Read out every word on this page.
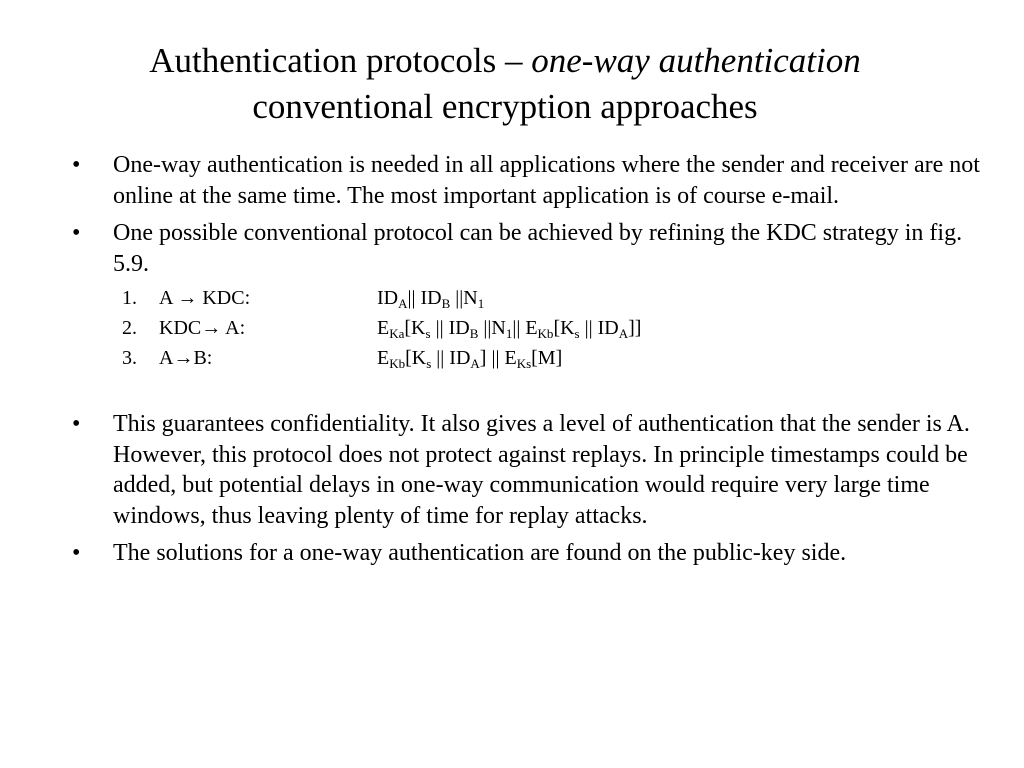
Authentication protocols – one-way authentication
conventional encryption approaches
• One-way authentication is needed in all applications where the sender and receiver are not online at the same time. The most important application is of course e-mail.
• One possible conventional protocol can be achieved by refining the KDC strategy in fig. 5.9.
1. A → KDC:	$ID_A||$ $ID_B$ $||N_1$
2. KDC→ A:	$E_{Ka}[K_s$ || $ID_B$ $||N_1||$ $E_{Kb}[K_s$ || $ID_A$]]
3. A→B:	$E_{Kb}[K_s$ || $ID_A$] || $E_{Ks}[M]$
• This guarantees confidentiality. It also gives a level of authentication that the sender is A. However, this protocol does not protect against replays. In principle timestamps could be added, but potential delays in one-way communication would require very large time windows, thus leaving plenty of time for replay attacks.
• The solutions for a one-way authentication are found on the public-key side.
